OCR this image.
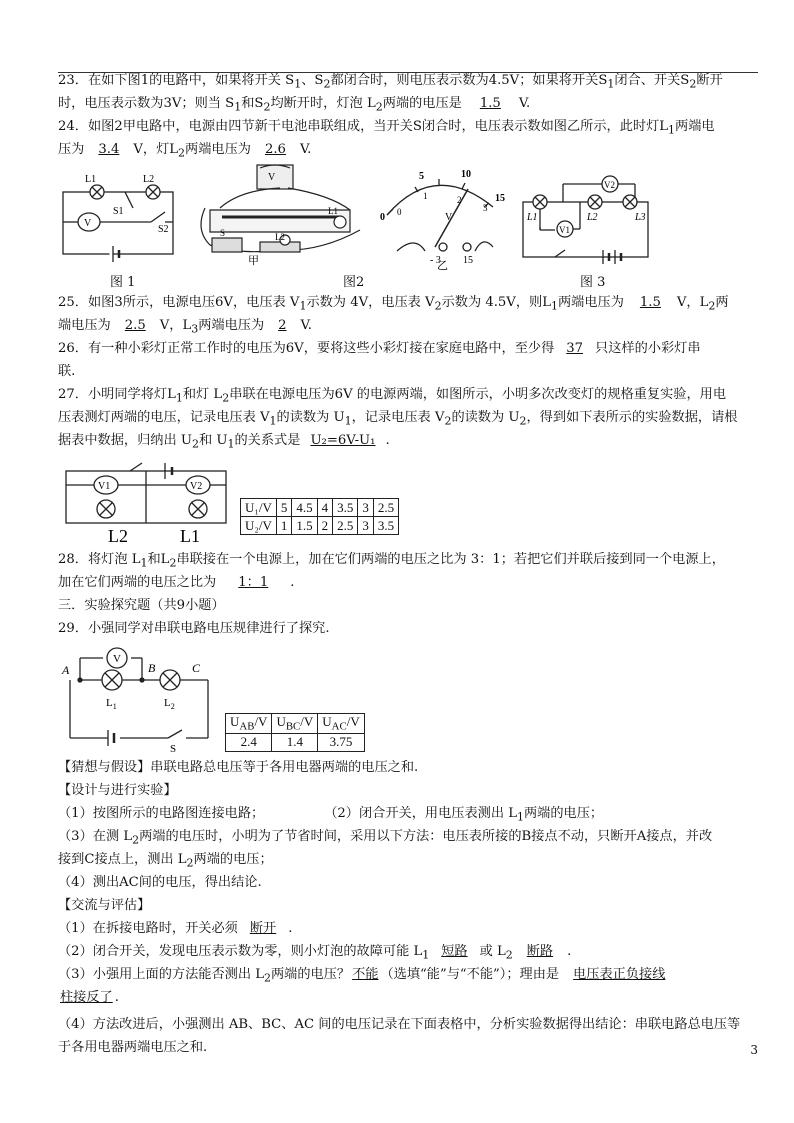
23．在如下图1的电路中，如果将开关 $S_1$、$S_2$都闭合时，则电压表示数为4.5V；如果将开关$S_1$闭合、开关$S_2$断开

时，电压表示数为3V；则当 $S_1$和$S_2$均断开时，灯泡 $L_2$两端的电压是 1.5 V.

24．如图2甲电路中，电源由四节新干电池串联组成，当开关S闭合时，电压表示数如图乙所示，此时灯$L_1$两端电

压为 3.4 V，灯$L_2$两端电压为 2.6 V.

L1	L2
S1
S2
V
图 1
V
L1
L2
S
甲
图2
0
5	10
15
0
1	2
3
V
- 3 15
乙
V2
V1
L1	L2	L3
图 3

25．如图3所示，电源电压6V，电压表 $V_1$示数为 4V，电压表 $V_2$示数为 4.5V，则$L_1$两端电压为 1.5 V，$L_2$两

端电压为 2.5 V，$L_3$两端电压为 2 V.

26．有一种小彩灯正常工作时的电压为6V，要将这些小彩灯接在家庭电路中，至少得 37 只这样的小彩灯串

联.

27．小明同学将灯$L_1$和灯 $L_2$串联在电源电压为6V 的电源两端，如图所示，小明多次改变灯的规格重复实验，用电

压表测灯两端的电压，记录电压表 $V_1$的读数为 $U_1$，记录电压表 $V_2$的读数为 $U_2$，得到如下表所示的实验数据，请根

据表中数据，归纳出 $U_2$和 $U_1$的关系式是 U₂=6V-U₁ .

V1	V2
L2	L1
U₁/V	5	4.5	4	3.5	3	2.5
U₂/V	1	1.5	2	2.5	3	3.5

28．将灯泡 $L_1$和$L_2$串联接在一个电源上，加在它们两端的电压之比为 3：1；若把它们并联后接到同一个电源上，

加在它们两端的电压之比为 1：1 .

三．实验探究题（共9小题）

29．小强同学对串联电路电压规律进行了探究.

V
A	B	C
$L_1$	$L_2$
S
$U_{AB}/V$	$U_{BC}/V$	$U_{AC}/V$
2.4	1.4	3.75

【猜想与假设】串联电路总电压等于各用电器两端的电压之和.

【设计与进行实验】

（1）按图所示的电路图连接电路；	（2）闭合开关，用电压表测出 $L_1$两端的电压；

（3）在测 $L_2$两端的电压时，小明为了节省时间，采用以下方法：电压表所接的B接点不动，只断开A接点，并改

接到C接点上，测出 $L_2$两端的电压；

（4）测出AC间的电压，得出结论.

【交流与评估】

（1）在拆接电路时，开关必须 断开 .

（2）闭合开关，发现电压表示数为零，则小灯泡的故障可能 $L_1$ 短路 或 $L_2$ 断路 .

（3）小强用上面的方法能否测出 $L_2$两端的电压？ 不能 （选填“能”与“不能”）；理由是 电压表正负接线

柱接反了 .

（4）方法改进后，小强测出 AB、BC、AC 间的电压记录在下面表格中，分析实验数据得出结论：串联电路总电压等

于各用电器两端电压之和.	3
